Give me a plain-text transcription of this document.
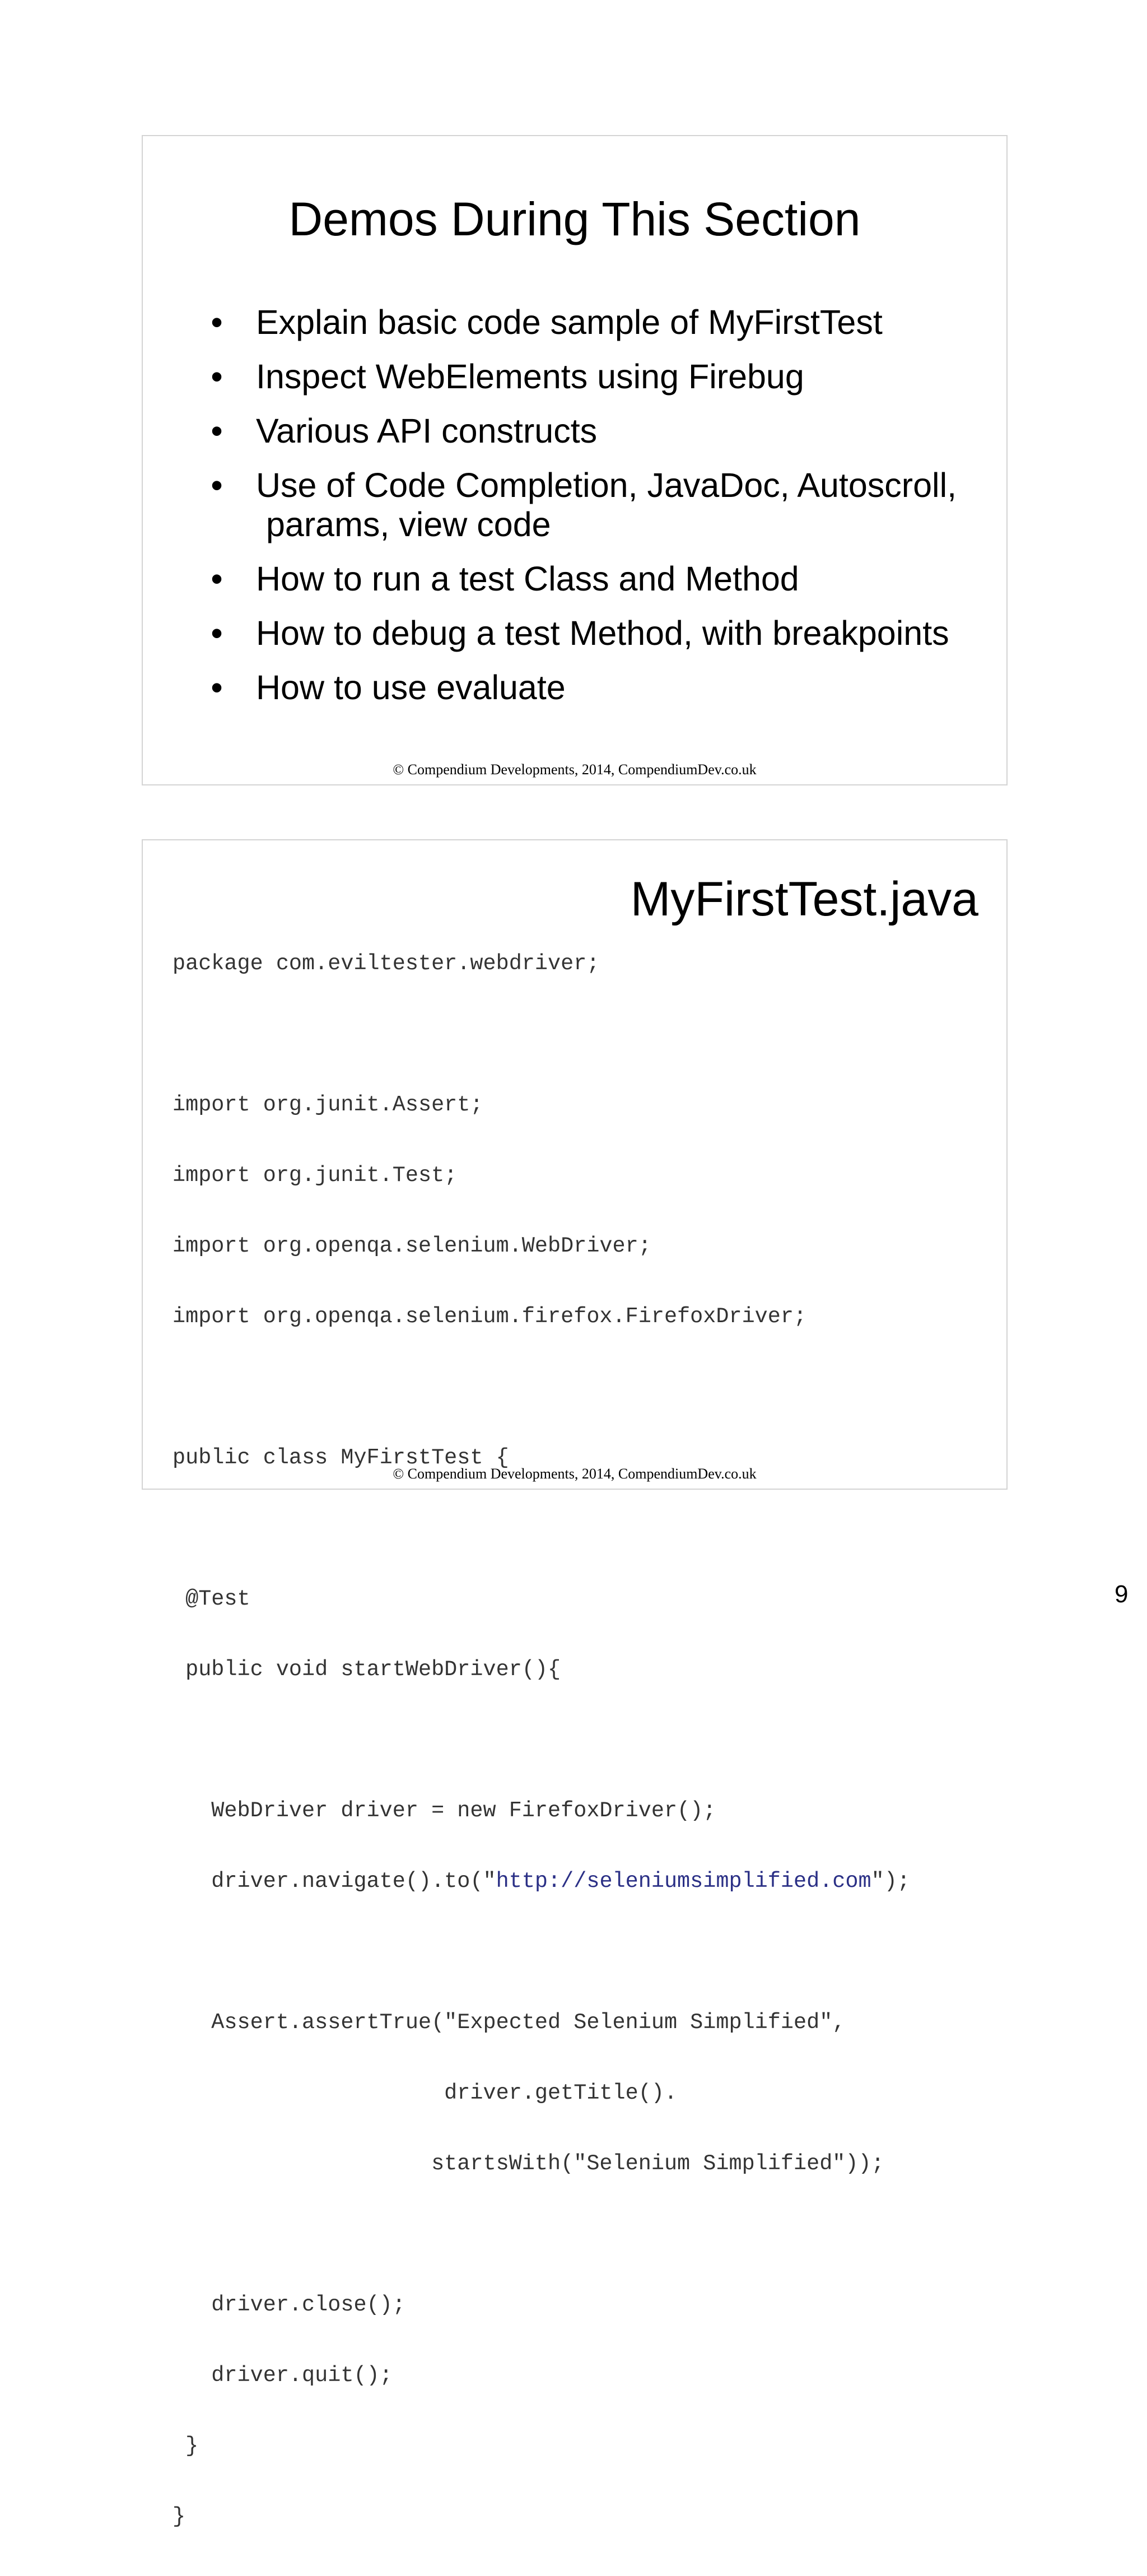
Demos During This Section
• Explain basic code sample of MyFirstTest
• Inspect WebElements using Firebug
• Various API constructs
• Use of Code Completion, JavaDoc, Autoscroll,
params, view code
• How to run a test Class and Method
• How to debug a test Method, with breakpoints
• How to use evaluate
© Compendium Developments, 2014, CompendiumDev.co.uk
MyFirstTest.java

package com.eviltester.webdriver;

import org.junit.Assert;

import org.junit.Test;

import org.openqa.selenium.WebDriver;

import org.openqa.selenium.firefox.FirefoxDriver;

public class MyFirstTest {

@Test

public void startWebDriver(){

WebDriver driver = new FirefoxDriver();

driver.navigate().to("http://seleniumsimplified.com");

Assert.assertTrue("Expected Selenium Simplified",

driver.getTitle().

startsWith("Selenium Simplified"));

driver.close();

driver.quit();

}

}

© Compendium Developments, 2014, CompendiumDev.co.uk
9
